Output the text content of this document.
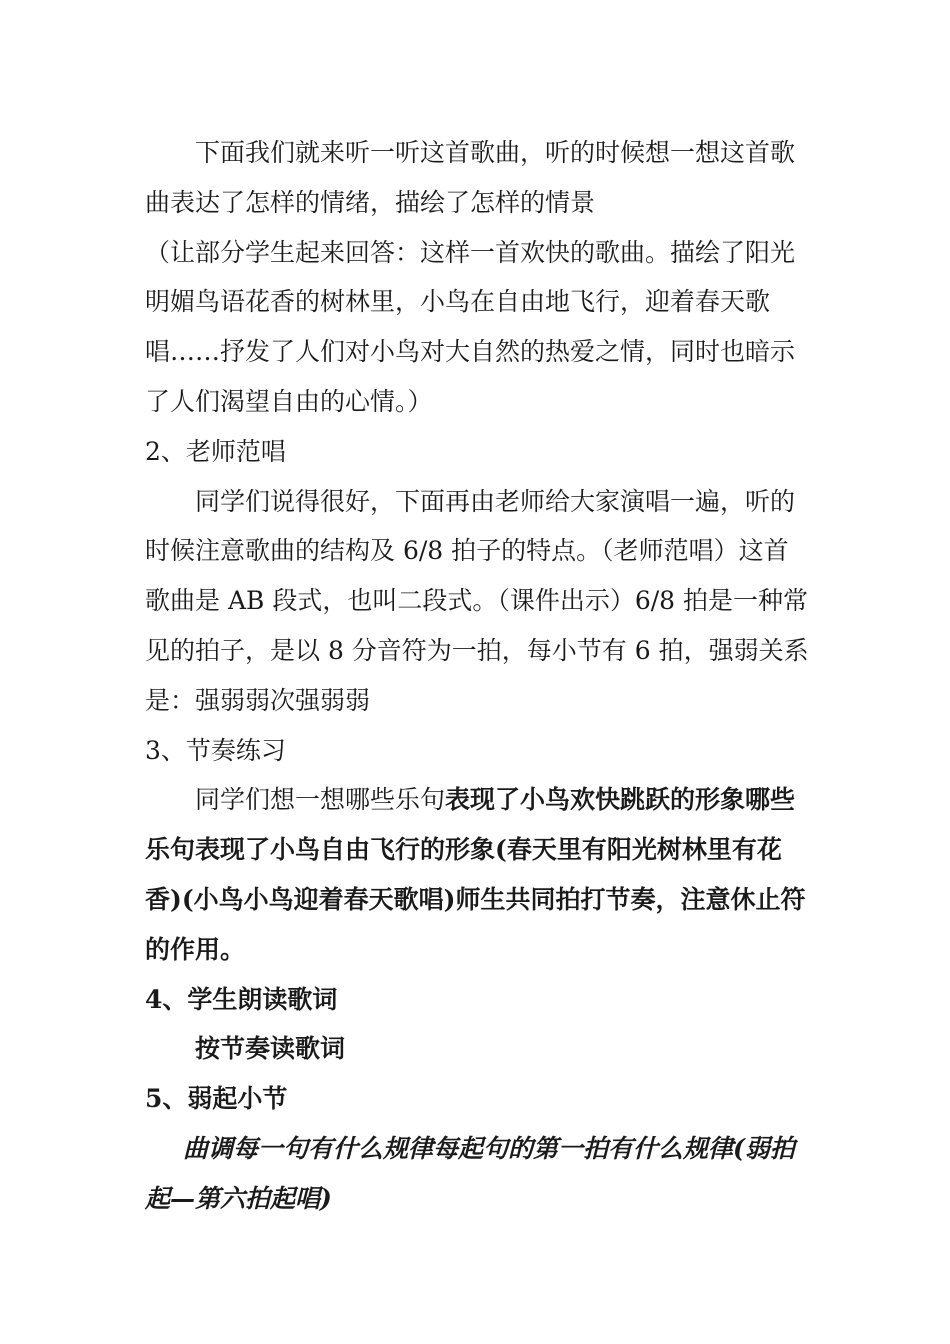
下面我们就来听一听这首歌曲，听的时候想一想这首歌曲表达了怎样的情绪，描绘了怎样的情景

（让部分学生起来回答：这样一首欢快的歌曲。描绘了阳光明媚鸟语花香的树林里，小鸟在自由地飞行，迎着春天歌唱……抒发了人们对小鸟对大自然的热爱之情，同时也暗示了人们渴望自由的心情。）

2、老师范唱

同学们说得很好，下面再由老师给大家演唱一遍，听的时候注意歌曲的结构及 6/8 拍子的特点。（老师范唱）这首歌曲是 AB 段式，也叫二段式。（课件出示）6/8 拍是一种常见的拍子，是以 8 分音符为一拍，每小节有 6 拍，强弱关系是：强弱弱次强弱弱

3、节奏练习

同学们想一想哪些乐句表现了小鸟欢快跳跃的形象哪些乐句表现了小鸟自由飞行的形象(春天里有阳光树林里有花香)(小鸟小鸟迎着春天歌唱)师生共同拍打节奏，注意休止符的作用。

4、学生朗读歌词

按节奏读歌词

5、弱起小节

曲调每一句有什么规律每起句的第一拍有什么规律(弱拍起—第六拍起唱)
